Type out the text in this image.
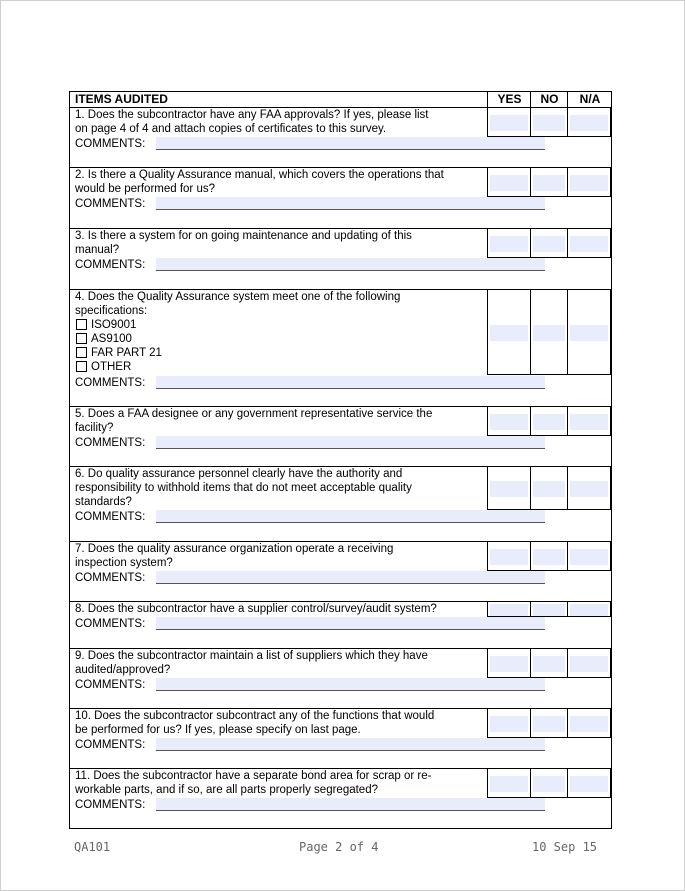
ITEMS AUDITED	YES	NO	N/A
1. Does the subcontractor have any FAA approvals? If yes, please list
on page 4 of 4 and attach copies of certificates to this survey.
COMMENTS:
2. Is there a Quality Assurance manual, which covers the operations that
would be performed for us?
COMMENTS:
3. Is there a system for on going maintenance and updating of this
manual?
COMMENTS:
4. Does the Quality Assurance system meet one of the following
specifications:
ISO9001
AS9100
FAR PART 21
OTHER
COMMENTS:
5. Does a FAA designee or any government representative service the
facility?
COMMENTS:
6. Do quality assurance personnel clearly have the authority and
responsibility to withhold items that do not meet acceptable quality
standards?
COMMENTS:
7. Does the quality assurance organization operate a receiving
inspection system?
COMMENTS:
8. Does the subcontractor have a supplier control/survey/audit system?
COMMENTS:
9. Does the subcontractor maintain a list of suppliers which they have
audited/approved?
COMMENTS:
10. Does the subcontractor subcontract any of the functions that would
be performed for us? If yes, please specify on last page.
COMMENTS:
11. Does the subcontractor have a separate bond area for scrap or re-
workable parts, and if so, are all parts properly segregated?
COMMENTS:
QA101	Page 2 of 4	10 Sep 15
